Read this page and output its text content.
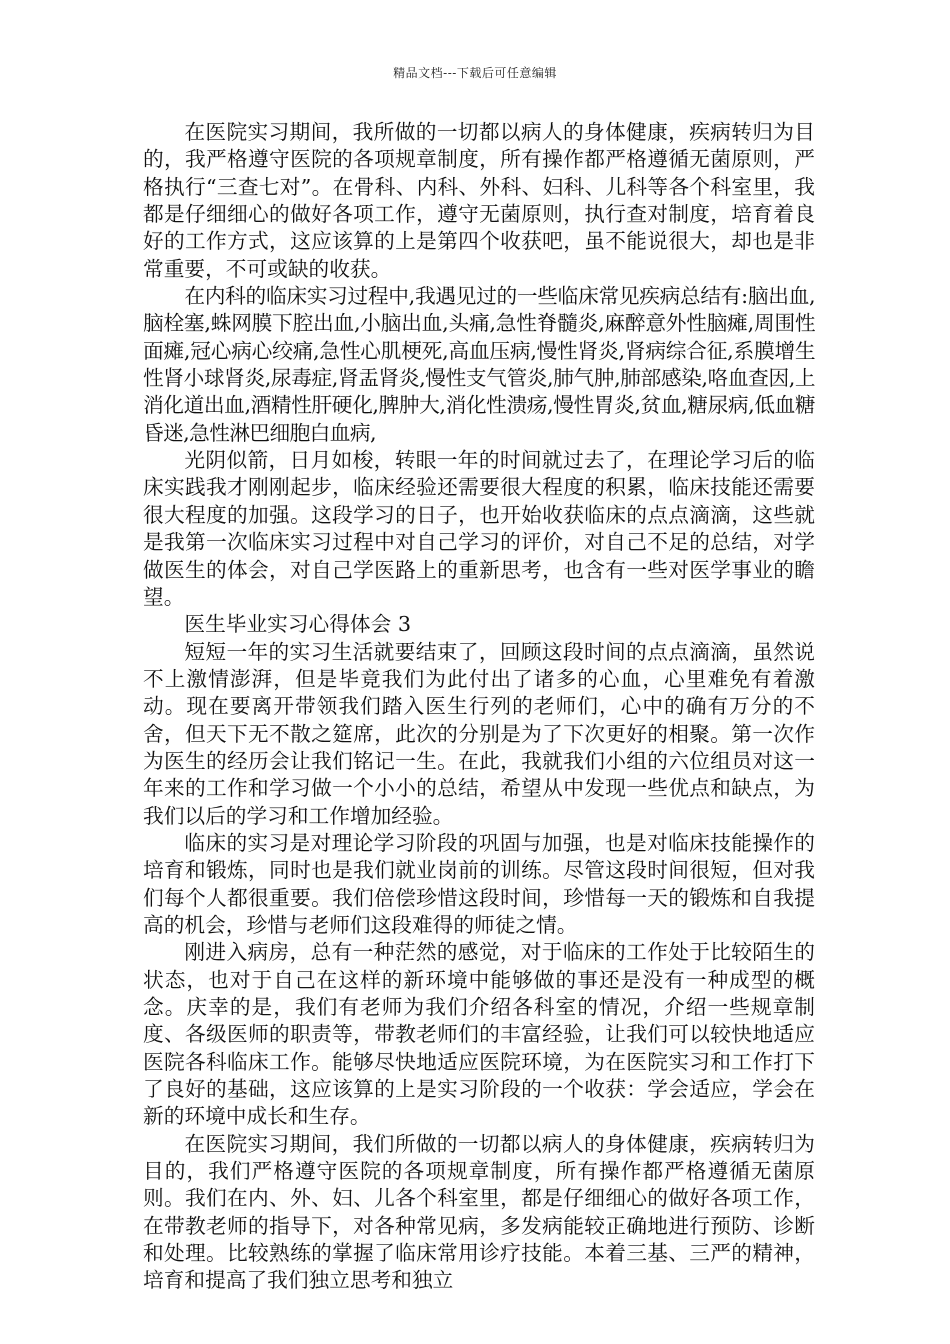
精品文档---下载后可任意编辑

在医院实习期间，我所做的一切都以病人的身体健康，疾病转归为目的，我严格遵守医院的各项规章制度，所有操作都严格遵循无菌原则，严格执行“三查七对”。在骨科、内科、外科、妇科、儿科等各个科室里，我都是仔细细心的做好各项工作，遵守无菌原则，执行查对制度，培育着良好的工作方式，这应该算的上是第四个收获吧，虽不能说很大，却也是非常重要，不可或缺的收获。

在内科的临床实习过程中,我遇见过的一些临床常见疾病总结有:脑出血,脑栓塞,蛛网膜下腔出血,小脑出血,头痛,急性脊髓炎,麻醉意外性脑瘫,周围性面瘫,冠心病心绞痛,急性心肌梗死,高血压病,慢性肾炎,肾病综合征,系膜增生性肾小球肾炎,尿毒症,肾盂肾炎,慢性支气管炎,肺气肿,肺部感染,咯血查因,上消化道出血,酒精性肝硬化,脾肿大,消化性溃疡,慢性胃炎,贫血,糖尿病,低血糖昏迷,急性淋巴细胞白血病,

光阴似箭，日月如梭，转眼一年的时间就过去了，在理论学习后的临床实践我才刚刚起步，临床经验还需要很大程度的积累，临床技能还需要很大程度的加强。这段学习的日子，也开始收获临床的点点滴滴，这些就是我第一次临床实习过程中对自己学习的评价，对自己不足的总结，对学做医生的体会，对自己学医路上的重新思考，也含有一些对医学事业的瞻望。

医生毕业实习心得体会 3

短短一年的实习生活就要结束了，回顾这段时间的点点滴滴，虽然说不上激情澎湃，但是毕竟我们为此付出了诸多的心血，心里难免有着激动。现在要离开带领我们踏入医生行列的老师们，心中的确有万分的不舍，但天下无不散之筵席，此次的分别是为了下次更好的相聚。第一次作为医生的经历会让我们铭记一生。在此，我就我们小组的六位组员对这一年来的工作和学习做一个小小的总结，希望从中发现一些优点和缺点，为我们以后的学习和工作增加经验。

临床的实习是对理论学习阶段的巩固与加强，也是对临床技能操作的培育和锻炼，同时也是我们就业岗前的训练。尽管这段时间很短，但对我们每个人都很重要。我们倍偿珍惜这段时间，珍惜每一天的锻炼和自我提高的机会，珍惜与老师们这段难得的师徒之情。

刚进入病房，总有一种茫然的感觉，对于临床的工作处于比较陌生的状态，也对于自己在这样的新环境中能够做的事还是没有一种成型的概念。庆幸的是，我们有老师为我们介绍各科室的情况，介绍一些规章制度、各级医师的职责等，带教老师们的丰富经验，让我们可以较快地适应医院各科临床工作。能够尽快地适应医院环境，为在医院实习和工作打下了良好的基础，这应该算的上是实习阶段的一个收获：学会适应，学会在新的环境中成长和生存。

在医院实习期间，我们所做的一切都以病人的身体健康，疾病转归为目的，我们严格遵守医院的各项规章制度，所有操作都严格遵循无菌原则。我们在内、外、妇、儿各个科室里，都是仔细细心的做好各项工作，在带教老师的指导下，对各种常见病，多发病能较正确地进行预防、诊断和处理。比较熟练的掌握了临床常用诊疗技能。本着三基、三严的精神，培育和提高了我们独立思考和独立
